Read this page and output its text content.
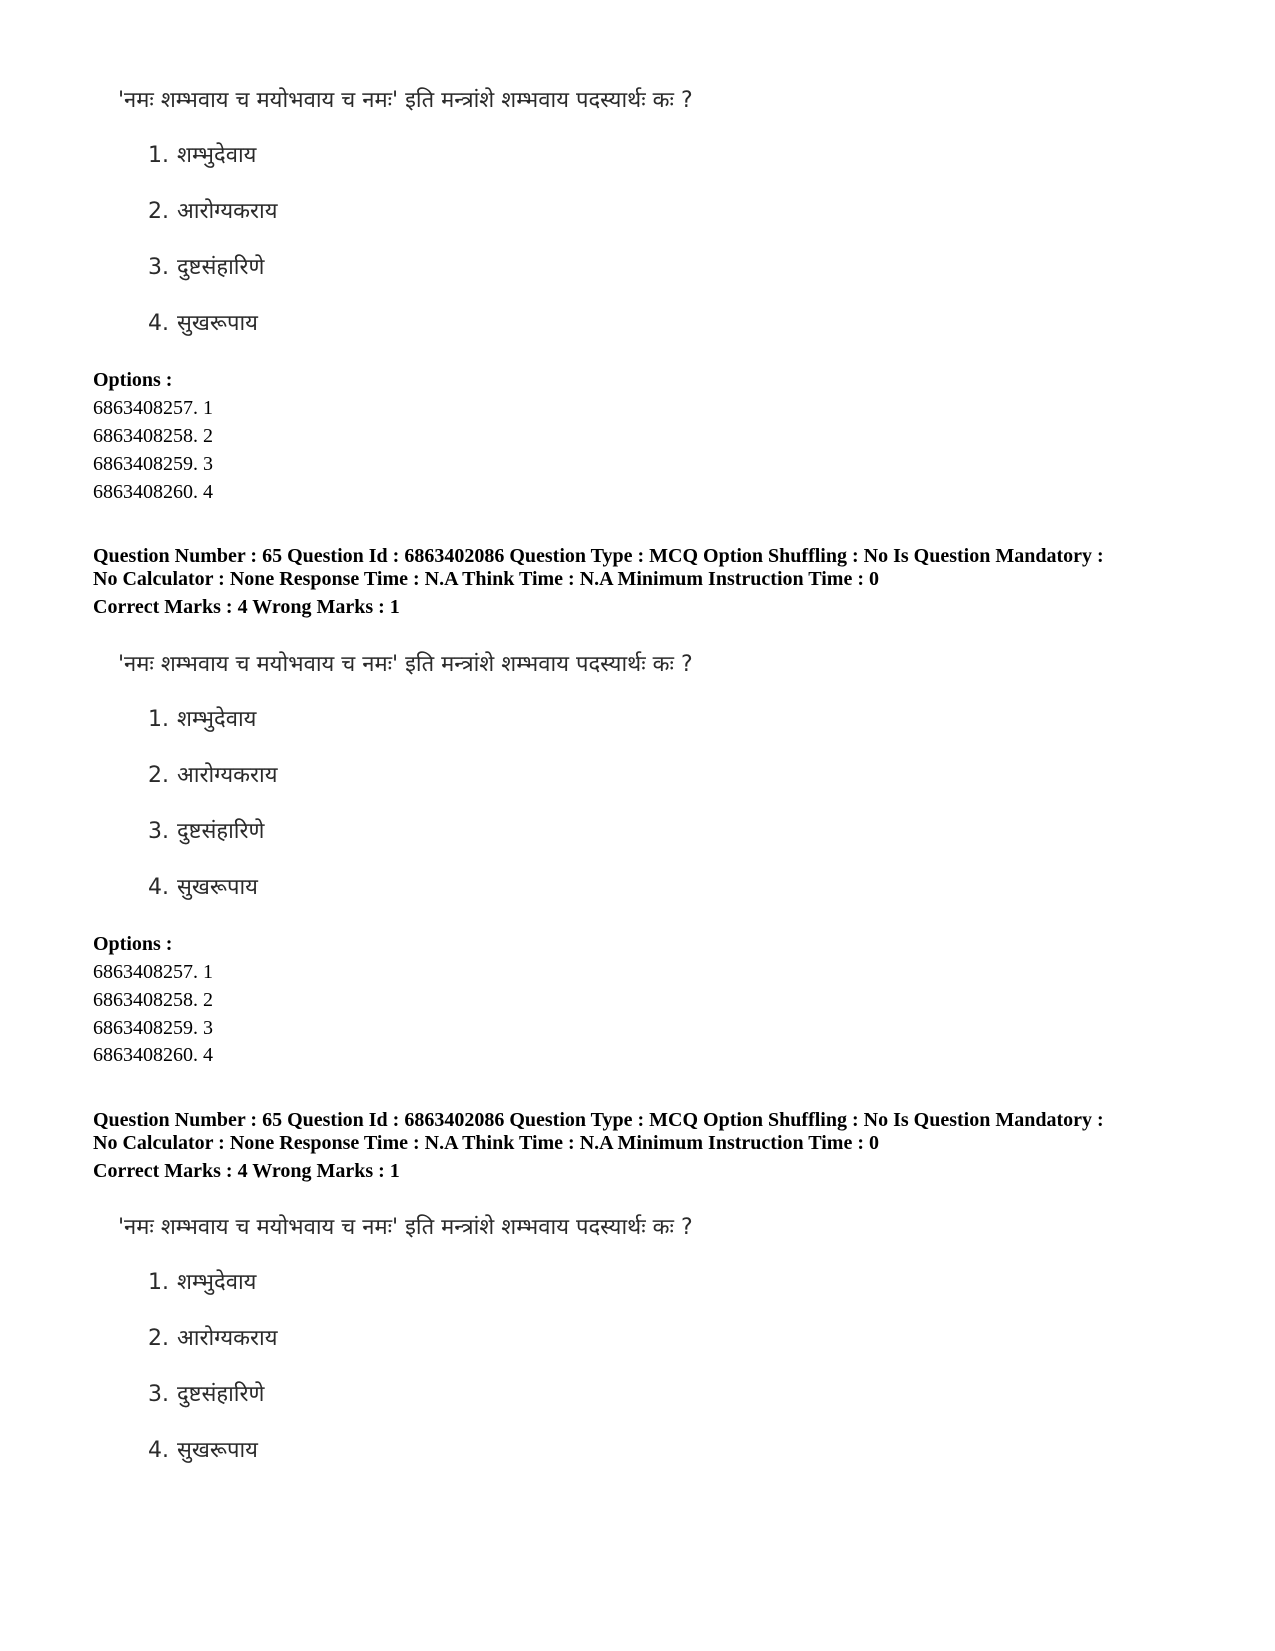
'नमः शम्भवाय च मयोभवाय च नमः' इति मन्त्रांशे शम्भवाय पदस्यार्थः कः ?
1. शम्भुदेवाय
2. आरोग्यकराय
3. दुष्टसंहारिणे
4. सुखरूपाय
Options :
6863408257. 1
6863408258. 2
6863408259. 3
6863408260. 4
Question Number : 65 Question Id : 6863402086 Question Type : MCQ Option Shuffling : No Is Question Mandatory :
No Calculator : None Response Time : N.A Think Time : N.A Minimum Instruction Time : 0
Correct Marks : 4 Wrong Marks : 1
'नमः शम्भवाय च मयोभवाय च नमः' इति मन्त्रांशे शम्भवाय पदस्यार्थः कः ?
1. शम्भुदेवाय
2. आरोग्यकराय
3. दुष्टसंहारिणे
4. सुखरूपाय
Options :
6863408257. 1
6863408258. 2
6863408259. 3
6863408260. 4
Question Number : 65 Question Id : 6863402086 Question Type : MCQ Option Shuffling : No Is Question Mandatory :
No Calculator : None Response Time : N.A Think Time : N.A Minimum Instruction Time : 0
Correct Marks : 4 Wrong Marks : 1
'नमः शम्भवाय च मयोभवाय च नमः' इति मन्त्रांशे शम्भवाय पदस्यार्थः कः ?
1. शम्भुदेवाय
2. आरोग्यकराय
3. दुष्टसंहारिणे
4. सुखरूपाय
